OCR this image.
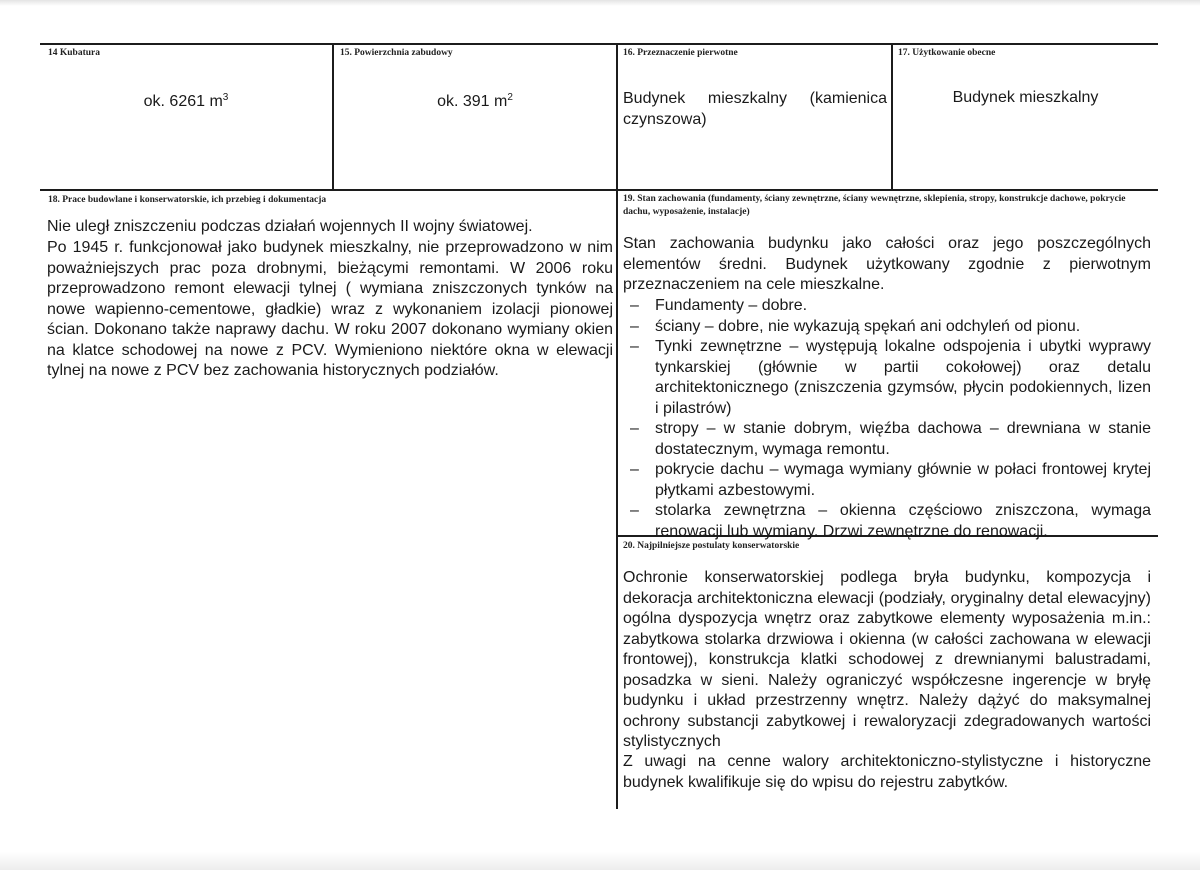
14 Kubatura
ok. 6261 $m^3$
15. Powierzchnia zabudowy
ok. 391 $m^2$
16. Przeznaczenie pierwotne
Budynek mieszkalny (kamienica czynszowa)
17. Użytkowanie obecne
Budynek mieszkalny
18. Prace budowlane i konserwatorskie, ich przebieg i dokumentacja
Nie uległ zniszczeniu podczas działań wojennych II wojny światowej.
Po 1945 r. funkcjonował jako budynek mieszkalny, nie przeprowadzono w nim poważniejszych prac poza drobnymi, bieżącymi remontami. W 2006 roku przeprowadzono remont elewacji tylnej ( wymiana zniszczonych tynków na nowe wapienno-cementowe, gładkie) wraz z wykonaniem izolacji pionowej ścian. Dokonano także naprawy dachu. W roku 2007 dokonano wymiany okien na klatce schodowej na nowe z PCV. Wymieniono niektóre okna w elewacji tylnej na nowe z PCV bez zachowania historycznych podziałów.
19. Stan zachowania (fundamenty, ściany zewnętrzne, ściany wewnętrzne, sklepienia, stropy, konstrukcje dachowe, pokrycie dachu, wyposażenie, instalacje)
Stan zachowania budynku jako całości oraz jego poszczególnych elementów średni. Budynek użytkowany zgodnie z pierwotnym przeznaczeniem na cele mieszkalne.
– Fundamenty – dobre.
– ściany – dobre, nie wykazują spękań ani odchyleń od pionu.
– Tynki zewnętrzne – występują lokalne odspojenia i ubytki wyprawy tynkarskiej (głównie w partii cokołowej) oraz detalu architektonicznego (zniszczenia gzymsów, płycin podokiennych, lizen i pilastrów)
– stropy – w stanie dobrym, więźba dachowa – drewniana w stanie dostatecznym, wymaga remontu.
– pokrycie dachu – wymaga wymiany głównie w połaci frontowej krytej płytkami azbestowymi.
– stolarka zewnętrzna – okienna częściowo zniszczona, wymaga renowacji lub wymiany. Drzwi zewnętrzne do renowacji.
20. Najpilniejsze postulaty konserwatorskie
Ochronie konserwatorskiej podlega bryła budynku, kompozycja i dekoracja architektoniczna elewacji (podziały, oryginalny detal elewacyjny) ogólna dyspozycja wnętrz oraz zabytkowe elementy wyposażenia m.in.: zabytkowa stolarka drzwiowa i okienna (w całości zachowana w elewacji frontowej), konstrukcja klatki schodowej z drewnianymi balustradami, posadzka w sieni. Należy ograniczyć współczesne ingerencje w bryłę budynku i układ przestrzenny wnętrz. Należy dążyć do maksymalnej ochrony substancji zabytkowej i rewaloryzacji zdegradowanych wartości stylistycznych
Z uwagi na cenne walory architektoniczno-stylistyczne i historyczne budynek kwalifikuje się do wpisu do rejestru zabytków.
